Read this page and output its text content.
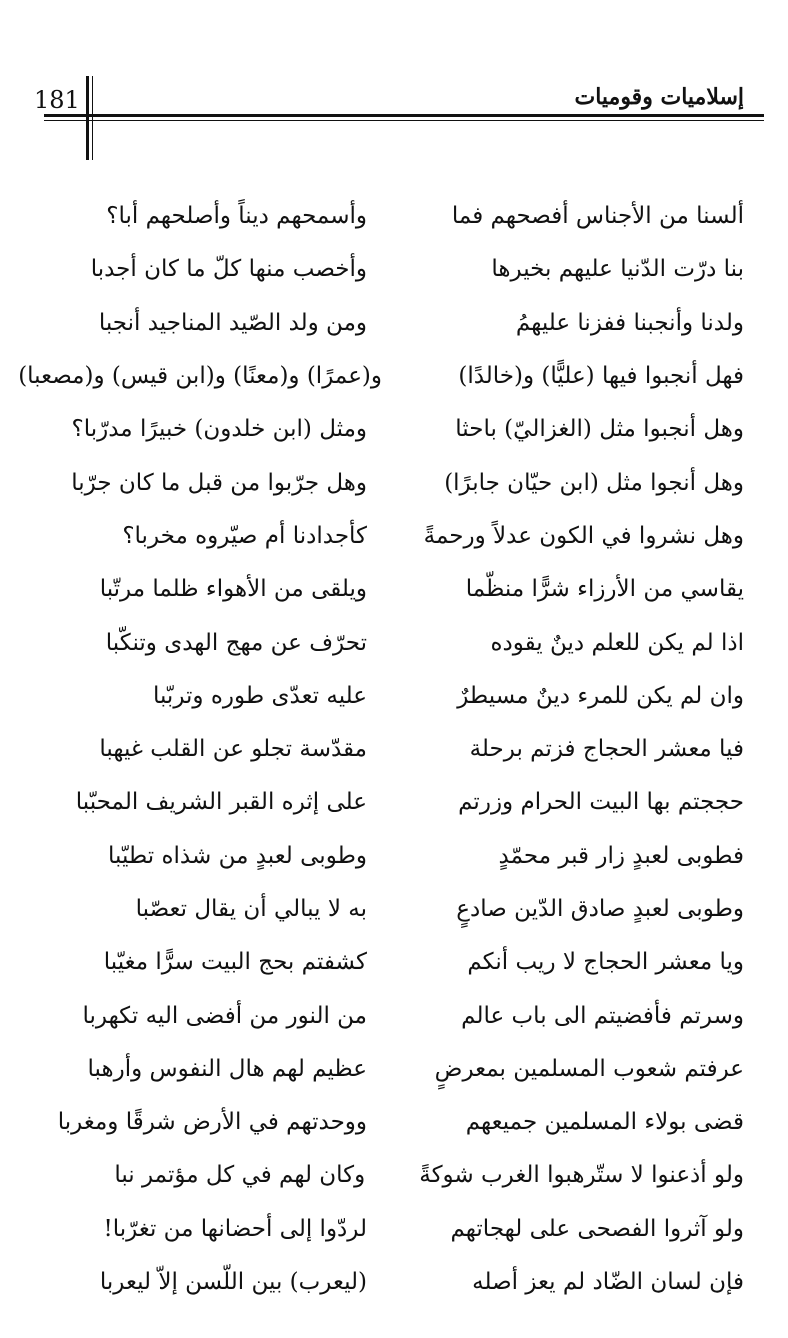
181	إسلاميات وقوميات
ألسنا من الأجناس أفصحهم فما
وأسمحهم ديناً وأصلحهم أبا؟
بنا درّت الدّنيا عليهم بخيرها
وأخصب منها كلّ ما كان أجدبا
ولدنا وأنجبنا ففزنا عليهمُ
ومن ولد الصّيد المناجيد أنجبا
فهل أنجبوا فيها (عليًّا) و(خالدًا)
و(عمرًا) و(معنًا) و(ابن قيس) و(مصعبا)
وهل أنجبوا مثل (الغزاليّ) باحثا
ومثل (ابن خلدون) خبيرًا مدرّبا؟
وهل أنجوا مثل (ابن حيّان جابرًا)
وهل جرّبوا من قبل ما كان جرّبا
وهل نشروا في الكون عدلاً ورحمةً
كأجدادنا أم صيّروه مخربا؟
يقاسي من الأرزاء شرًّا منظّما
ويلقى من الأهواء ظلما مرتّبا
اذا لم يكن للعلم دينٌ يقوده
تحرّف عن مهج الهدى وتنكّبا
وان لم يكن للمرء دينٌ مسيطرٌ
عليه تعدّى طوره وتربّبا
فيا معشر الحجاج فزتم برحلة
مقدّسة تجلو عن القلب غيهبا
حججتم بها البيت الحرام وزرتم
على إثره القبر الشريف المحبّبا
فطوبى لعبدٍ زار قبر محمّدٍ
وطوبى لعبدٍ من شذاه تطيّبا
وطوبى لعبدٍ صادق الدّين صادعٍ
به لا يبالي أن يقال تعصّبا
ويا معشر الحجاج لا ريب أنكم
كشفتم بحج البيت سرًّا مغيّبا
وسرتم فأفضيتم الى باب عالم
من النور من أفضى اليه تكهربا
عرفتم شعوب المسلمين بمعرضٍ
عظيم لهم هال النفوس وأرهبا
قضى بولاء المسلمين جميعهم
ووحدتهم في الأرض شرقًا ومغربا
ولو أذعنوا لا ستّرهبوا الغرب شوكةً
وكان لهم في كل مؤتمر نبا
ولو آثروا الفصحى على لهجاتهم
لردّوا إلى أحضانها من تغرّبا!
فإن لسان الضّاد لم يعز أصله
(ليعرب) بين اللّسن إلاّ ليعربا
